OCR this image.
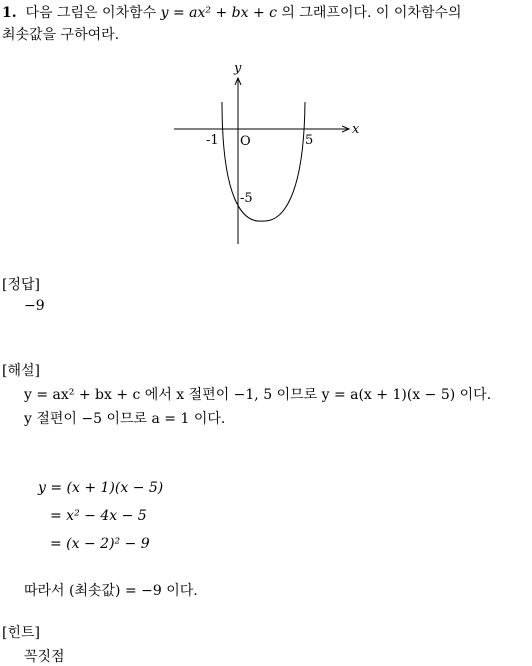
1. 다음 그림은 이차함수 y = ax² + bx + c 의 그래프이다. 이 이차함수의
최솟값을 구하여라.
x
y
O
-1	5
-5
[정답]
−9
[해설]
y = ax² + bx + c 에서 x 절편이 −1, 5 이므로 y = a(x + 1)(x − 5) 이다.
y 절편이 −5 이므로 a = 1 이다.
y = (x + 1)(x − 5)
= x² − 4x − 5
= (x − 2)² − 9
따라서 (최솟값) = −9 이다.
[힌트]
꼭짓점
